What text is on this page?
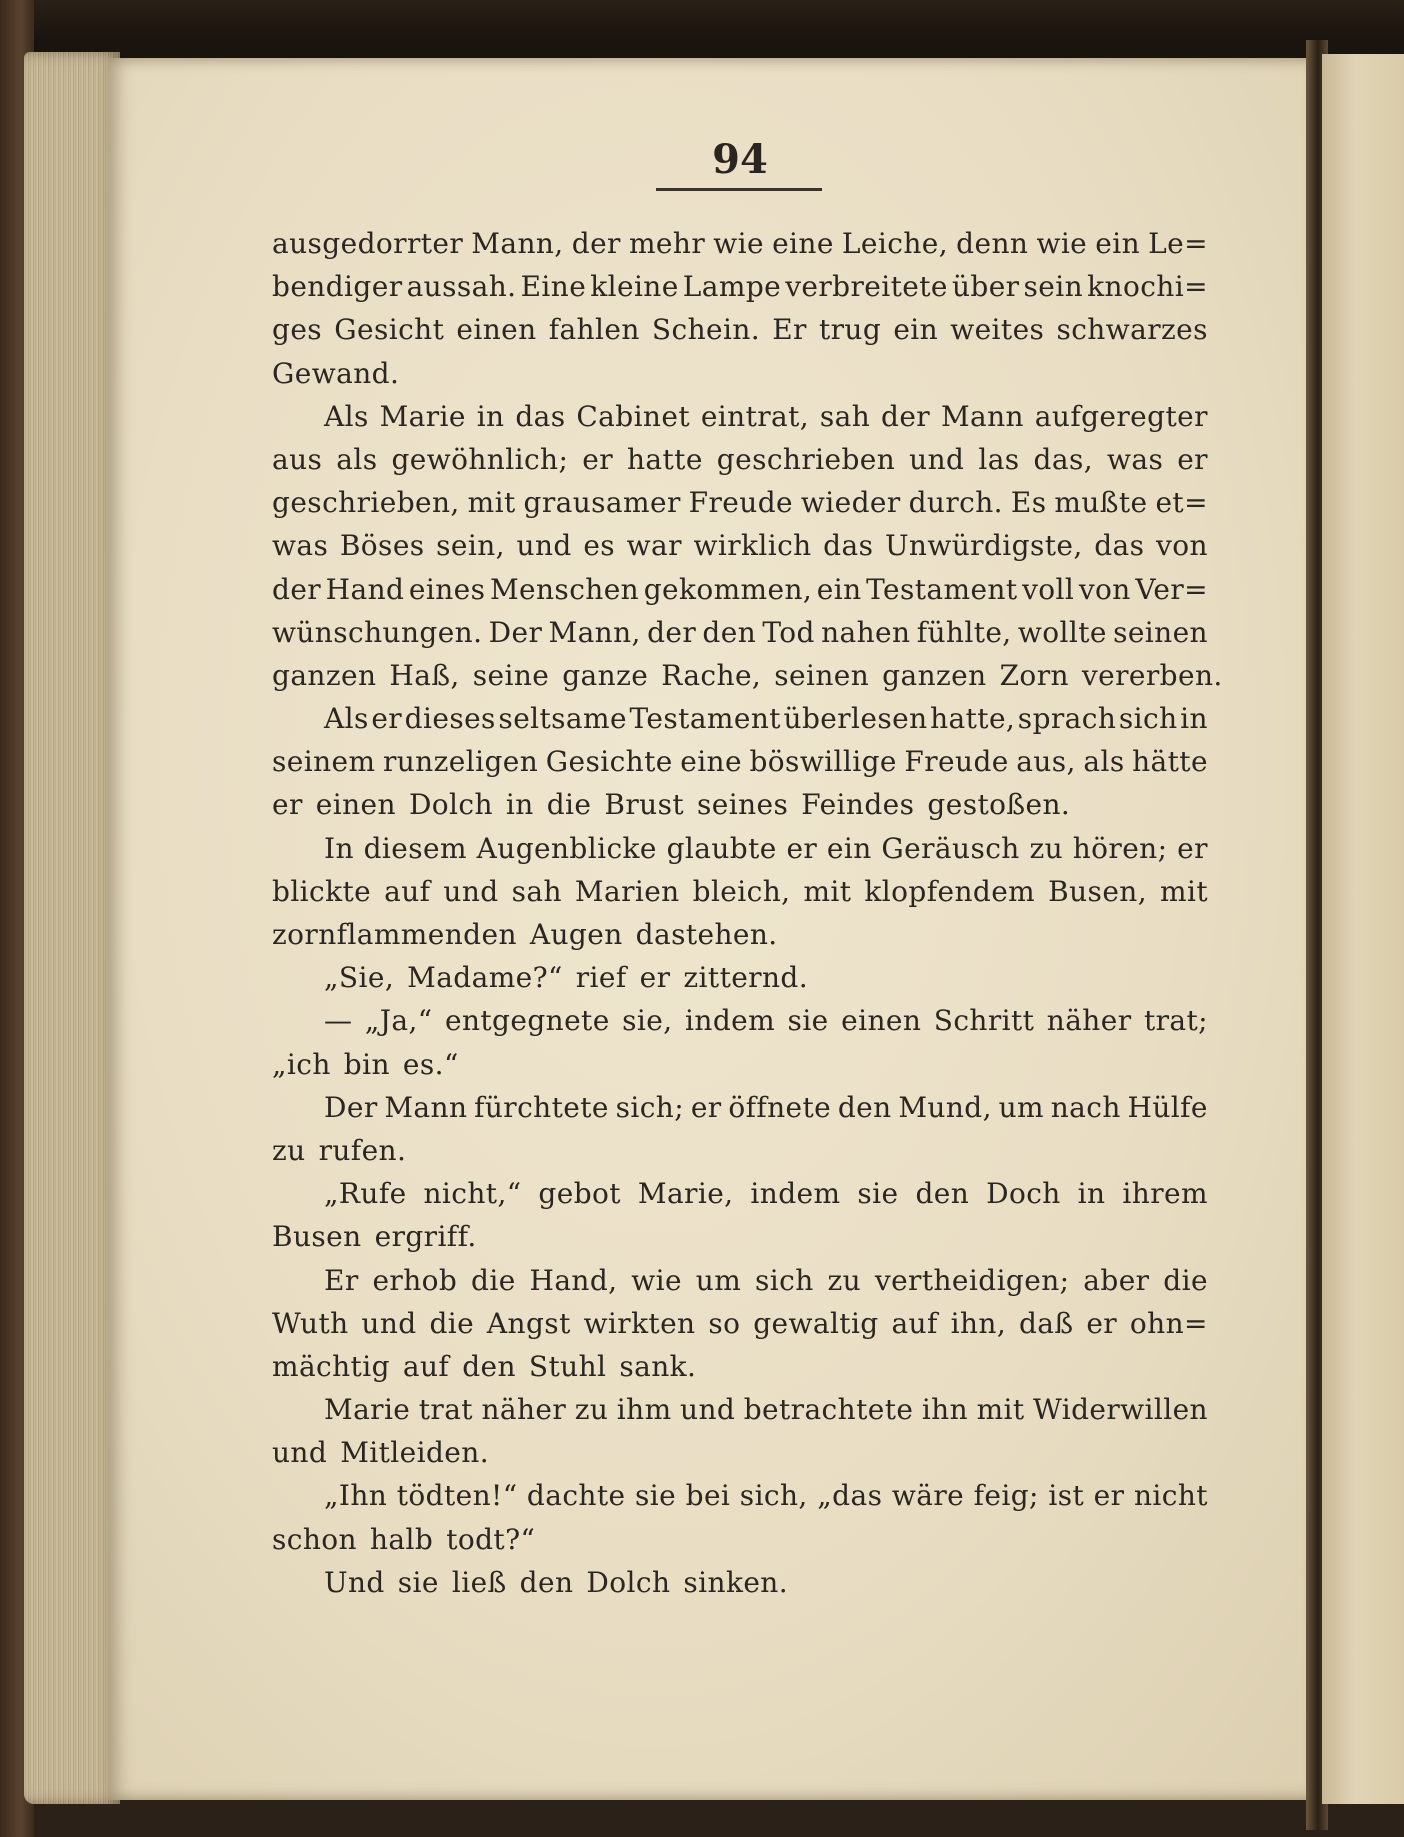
94
ausgedorrter Mann, der mehr wie eine Leiche, denn wie ein Le=
bendiger aussah. Eine kleine Lampe verbreitete über sein knochi=
ges Gesicht einen fahlen Schein. Er trug ein weites schwarzes
Gewand.
Als Marie in das Cabinet eintrat, sah der Mann aufgeregter
aus als gewöhnlich; er hatte geschrieben und las das, was er
geschrieben, mit grausamer Freude wieder durch. Es mußte et=
was Böses sein, und es war wirklich das Unwürdigste, das von
der Hand eines Menschen gekommen, ein Testament voll von Ver=
wünschungen. Der Mann, der den Tod nahen fühlte, wollte seinen
ganzen Haß, seine ganze Rache, seinen ganzen Zorn vererben.
Als er dieses seltsame Testament überlesen hatte, sprach sich in
seinem runzeligen Gesichte eine böswillige Freude aus, als hätte
er einen Dolch in die Brust seines Feindes gestoßen.
In diesem Augenblicke glaubte er ein Geräusch zu hören; er
blickte auf und sah Marien bleich, mit klopfendem Busen, mit
zornflammenden Augen dastehen.
„Sie, Madame?“ rief er zitternd.
— „Ja,“ entgegnete sie, indem sie einen Schritt näher trat;
„ich bin es.“
Der Mann fürchtete sich; er öffnete den Mund, um nach Hülfe
zu rufen.
„Rufe nicht,“ gebot Marie, indem sie den Doch in ihrem
Busen ergriff.
Er erhob die Hand, wie um sich zu vertheidigen; aber die
Wuth und die Angst wirkten so gewaltig auf ihn, daß er ohn=
mächtig auf den Stuhl sank.
Marie trat näher zu ihm und betrachtete ihn mit Widerwillen
und Mitleiden.
„Ihn tödten!“ dachte sie bei sich, „das wäre feig; ist er nicht
schon halb todt?“
Und sie ließ den Dolch sinken.
